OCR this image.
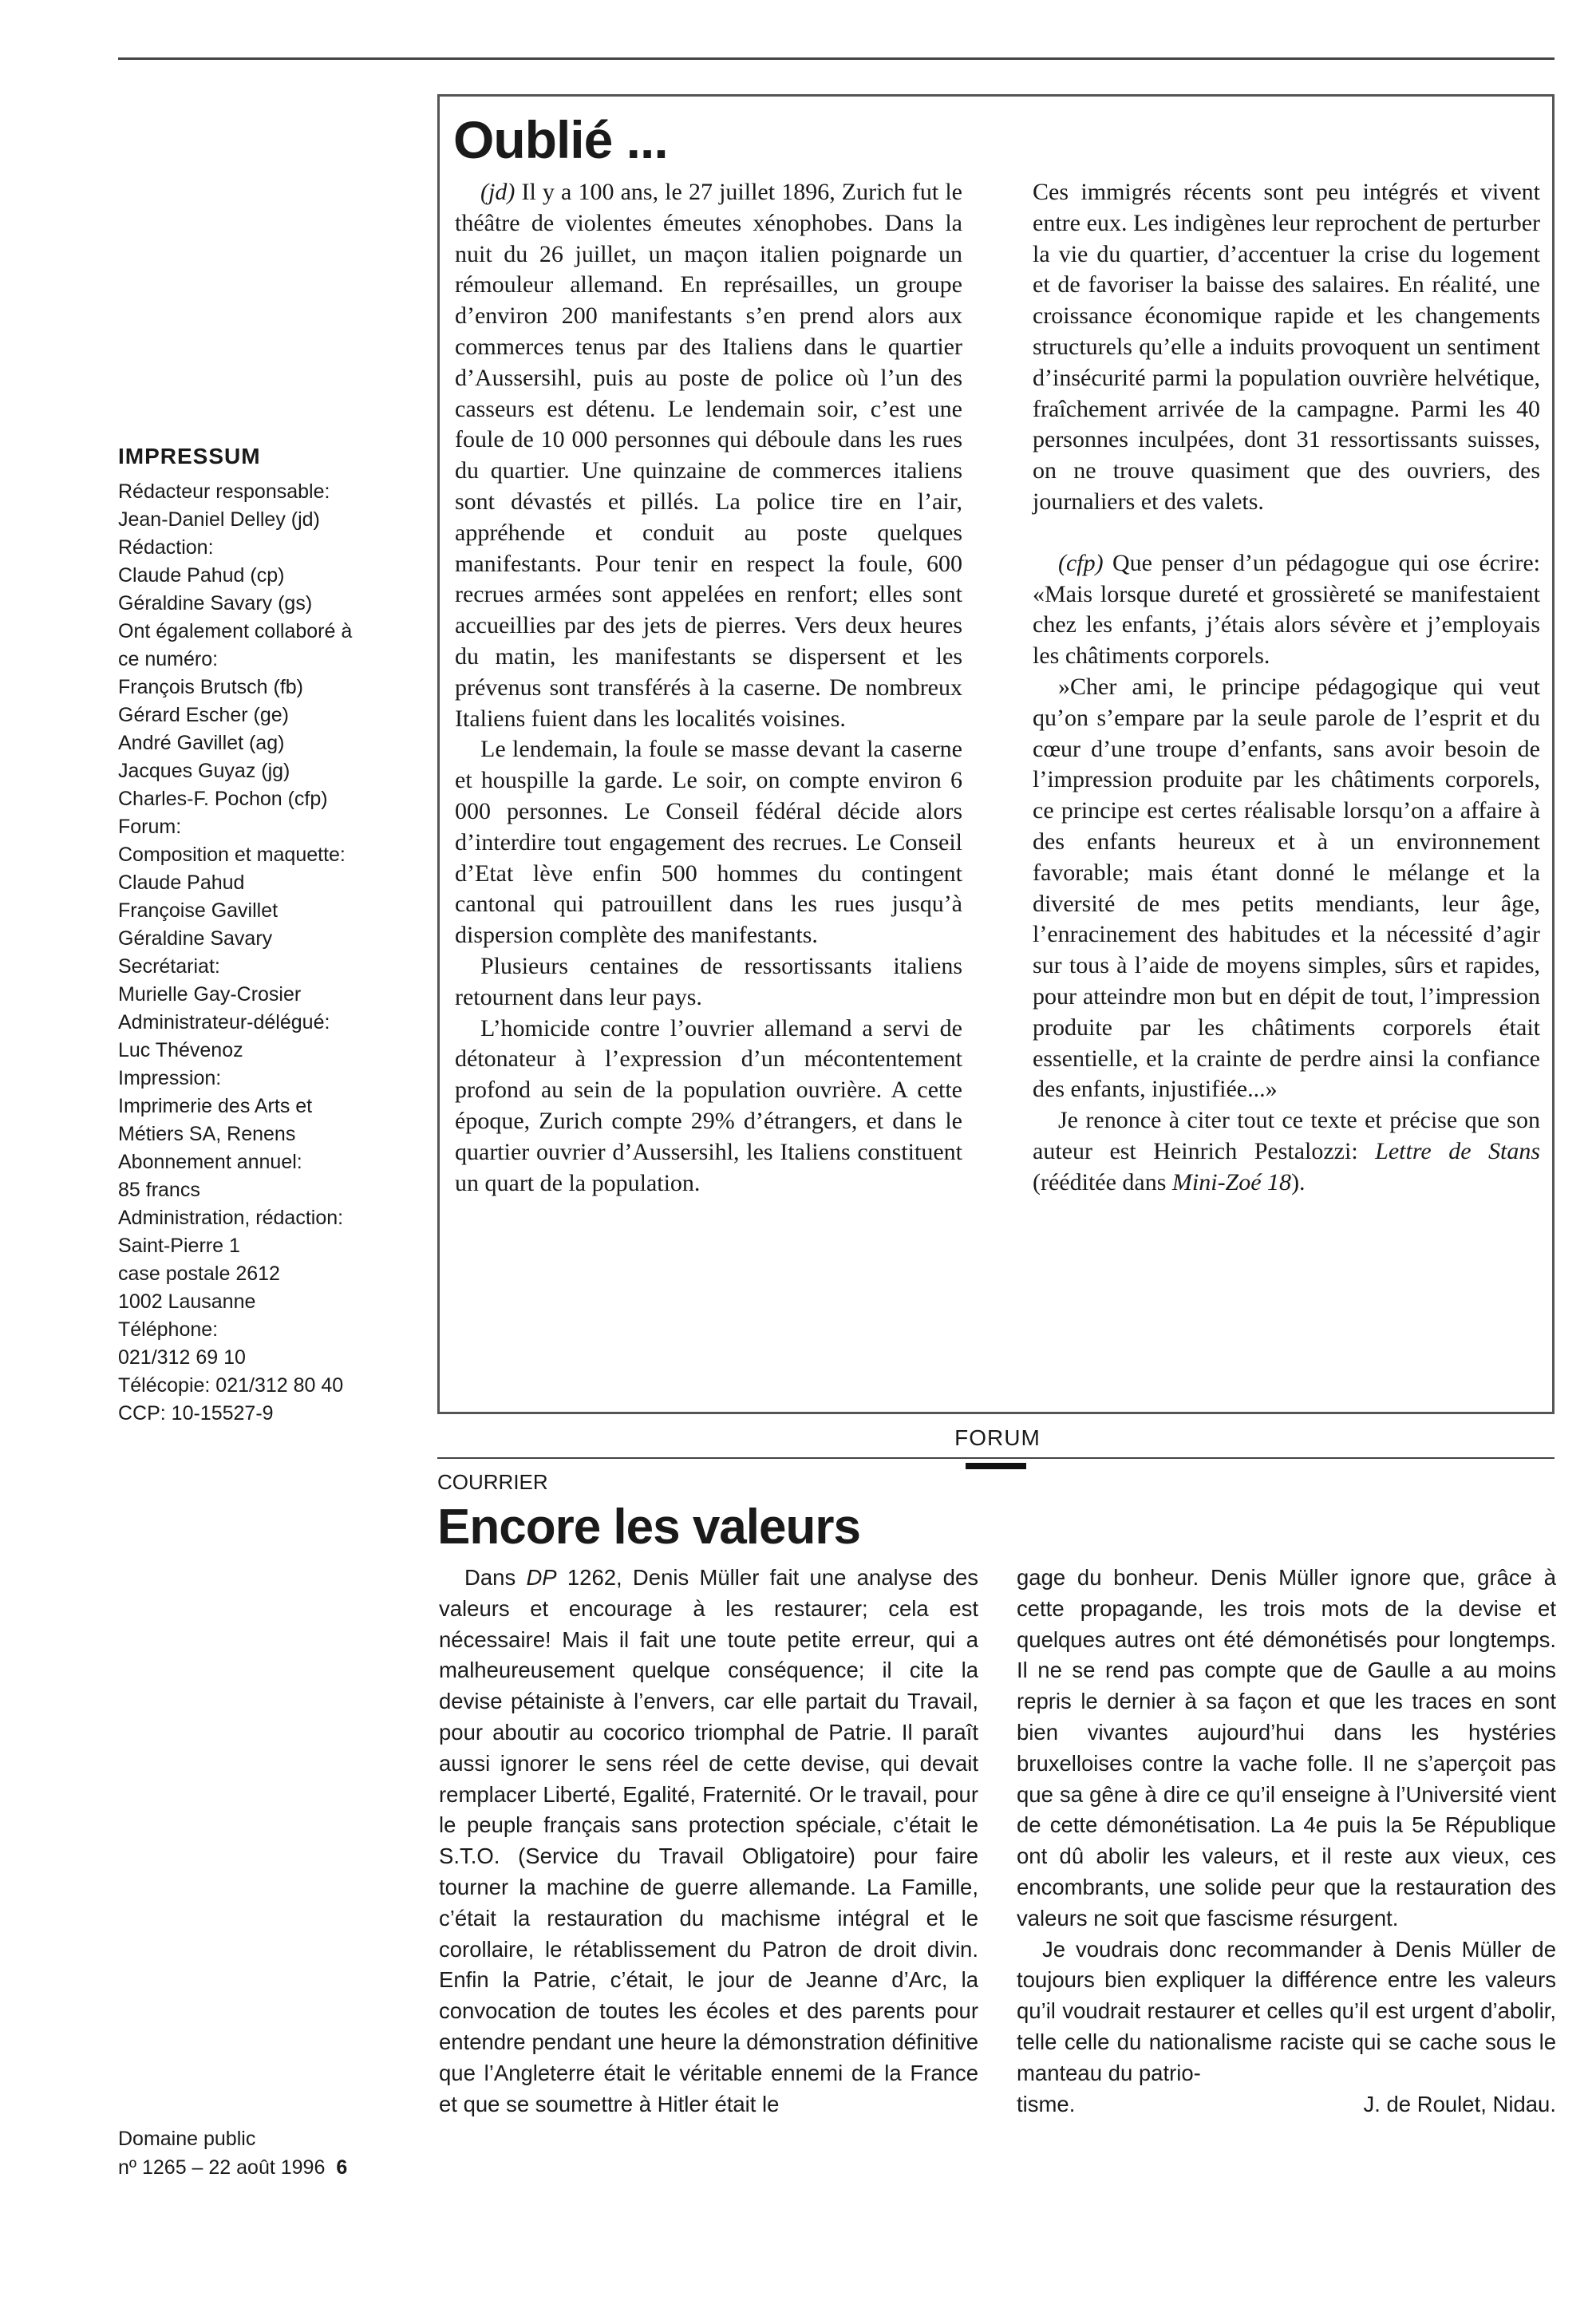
IMPRESSUM
Rédacteur responsable:
Jean-Daniel Delley (jd)
Rédaction:
Claude Pahud (cp)
Géraldine Savary (gs)
Ont également collaboré à
ce numéro:
François Brutsch (fb)
Gérard Escher (ge)
André Gavillet (ag)
Jacques Guyaz (jg)
Charles-F. Pochon (cfp)
Forum:
Composition et maquette:
Claude Pahud
Françoise Gavillet
Géraldine Savary
Secrétariat:
Murielle Gay-Crosier
Administrateur-délégué:
Luc Thévenoz
Impression:
Imprimerie des Arts et
Métiers SA, Renens
Abonnement annuel:
85 francs
Administration, rédaction:
Saint-Pierre 1
case postale 2612
1002 Lausanne
Téléphone:
021/312 69 10
Télécopie: 021/312 80 40
CCP: 10-15527-9
Domaine public
nº 1265 – 22 août 1996 6
Oublié ...

(jd) Il y a 100 ans, le 27 juillet 1896, Zurich fut le théâtre de violentes émeutes xénophobes. Dans la nuit du 26 juillet, un maçon italien poignarde un rémouleur allemand. En représailles, un groupe d’environ 200 manifestants s’en prend alors aux commerces tenus par des Italiens dans le quartier d’Aussersihl, puis au poste de police où l’un des casseurs est détenu. Le lendemain soir, c’est une foule de 10 000 personnes qui déboule dans les rues du quartier. Une quinzaine de commerces italiens sont dévastés et pillés. La police tire en l’air, appréhende et conduit au poste quelques manifestants. Pour tenir en respect la foule, 600 recrues armées sont appelées en renfort; elles sont accueillies par des jets de pierres. Vers deux heures du matin, les manifestants se dispersent et les prévenus sont transférés à la caserne. De nombreux Italiens fuient dans les localités voisines.

Le lendemain, la foule se masse devant la caserne et houspille la garde. Le soir, on compte environ 6 000 personnes. Le Conseil fédéral décide alors d’interdire tout engagement des recrues. Le Conseil d’Etat lève enfin 500 hommes du contingent cantonal qui patrouillent dans les rues jusqu’à dispersion complète des manifestants.

Plusieurs centaines de ressortissants italiens retournent dans leur pays.

L’homicide contre l’ouvrier allemand a servi de détonateur à l’expression d’un mécontentement profond au sein de la population ouvrière. A cette époque, Zurich compte 29% d’étrangers, et dans le quartier ouvrier d’Aussersihl, les Italiens constituent un quart de la population.

Ces immigrés récents sont peu intégrés et vivent entre eux. Les indigènes leur reprochent de perturber la vie du quartier, d’accentuer la crise du logement et de favoriser la baisse des salaires. En réalité, une croissance économique rapide et les changements structurels qu’elle a induits provoquent un sentiment d’insécurité parmi la population ouvrière helvétique, fraîchement arrivée de la campagne. Parmi les 40 personnes inculpées, dont 31 ressortissants suisses, on ne trouve quasiment que des ouvriers, des journaliers et des valets.

(cfp) Que penser d’un pédagogue qui ose écrire: «Mais lorsque dureté et grossièreté se manifestaient chez les enfants, j’étais alors sévère et j’employais les châtiments corporels.

»Cher ami, le principe pédagogique qui veut qu’on s’empare par la seule parole de l’esprit et du cœur d’une troupe d’enfants, sans avoir besoin de l’impression produite par les châtiments corporels, ce principe est certes réalisable lorsqu’on a affaire à des enfants heureux et à un environnement favorable; mais étant donné le mélange et la diversité de mes petits mendiants, leur âge, l’enracinement des habitudes et la nécessité d’agir sur tous à l’aide de moyens simples, sûrs et rapides, pour atteindre mon but en dépit de tout, l’impression produite par les châtiments corporels était essentielle, et la crainte de perdre ainsi la confiance des enfants, injustifiée...»

Je renonce à citer tout ce texte et précise que son auteur est Heinrich Pestalozzi: Lettre de Stans (rééditée dans Mini-Zoé 18).

FORUM
COURRIER
Encore les valeurs

Dans DP 1262, Denis Müller fait une analyse des valeurs et encourage à les restaurer; cela est nécessaire! Mais il fait une toute petite erreur, qui a malheureusement quelque conséquence; il cite la devise pétainiste à l’envers, car elle partait du Travail, pour aboutir au cocorico triomphal de Patrie. Il paraît aussi ignorer le sens réel de cette devise, qui devait remplacer Liberté, Egalité, Fraternité. Or le travail, pour le peuple français sans protection spéciale, c’était le S.T.O. (Service du Travail Obligatoire) pour faire tourner la machine de guerre allemande. La Famille, c’était la restauration du machisme intégral et le corollaire, le rétablissement du Patron de droit divin. Enfin la Patrie, c’était, le jour de Jeanne d’Arc, la convocation de toutes les écoles et des parents pour entendre pendant une heure la démonstration définitive que l’Angleterre était le véritable ennemi de la France et que se soumettre à Hitler était le

gage du bonheur. Denis Müller ignore que, grâce à cette propagande, les trois mots de la devise et quelques autres ont été démonétisés pour longtemps. Il ne se rend pas compte que de Gaulle a au moins repris le dernier à sa façon et que les traces en sont bien vivantes aujourd’hui dans les hystéries bruxelloises contre la vache folle. Il ne s’aperçoit pas que sa gêne à dire ce qu’il enseigne à l’Université vient de cette démonétisation. La 4e puis la 5e République ont dû abolir les valeurs, et il reste aux vieux, ces encombrants, une solide peur que la restauration des valeurs ne soit que fascisme résurgent.

Je voudrais donc recommander à Denis Müller de toujours bien expliquer la différence entre les valeurs qu’il voudrait restaurer et celles qu’il est urgent d’abolir, telle celle du nationalisme raciste qui se cache sous le manteau du patrio-

tisme.	J. de Roulet, Nidau.
